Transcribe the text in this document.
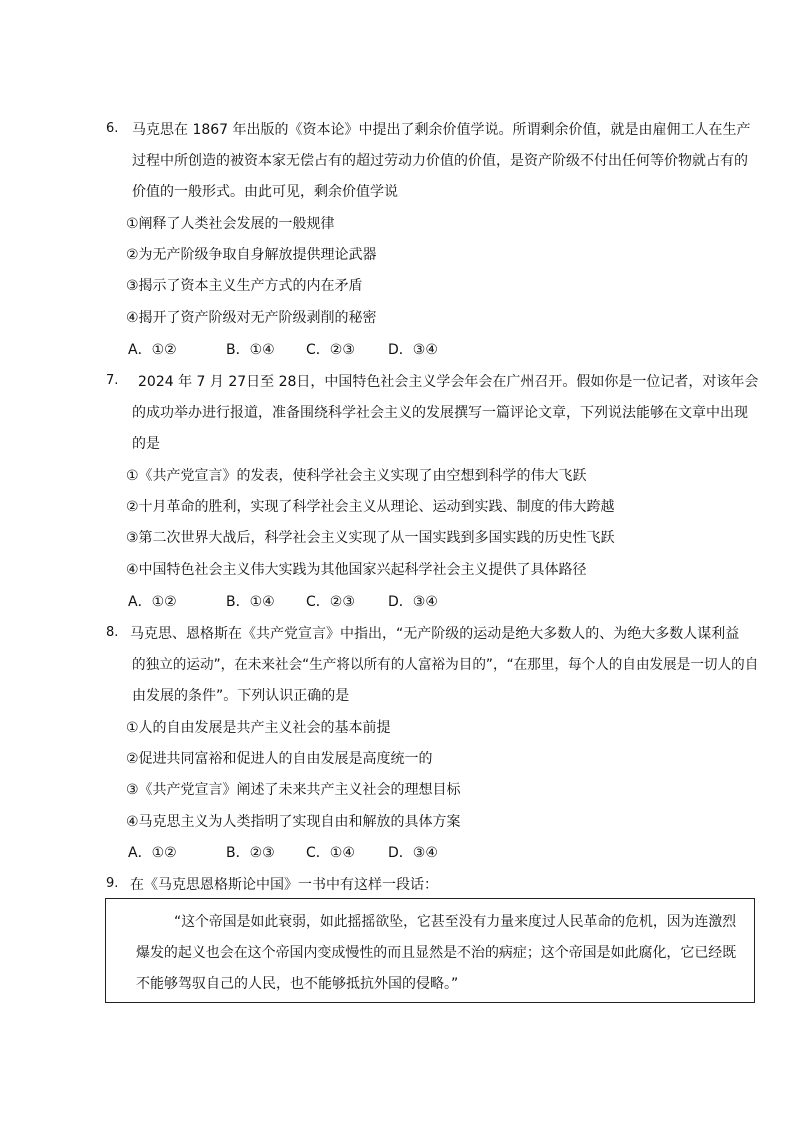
6. 马克思在 1867 年出版的《资本论》中提出了剩余价值学说。所谓剩余价值，就是由雇佣工人在生产
过程中所创造的被资本家无偿占有的超过劳动力价值的价值，是资产阶级不付出任何等价物就占有的
价值的一般形式。由此可见，剩余价值学说
①阐释了人类社会发展的一般规律
②为无产阶级争取自身解放提供理论武器
③揭示了资本主义生产方式的内在矛盾
④揭开了资产阶级对无产阶级剥削的秘密
A．①②	B．①④ C．②③ D．③④
7. 2024 年 7 月 27日至 28日，中国特色社会主义学会年会在广州召开。假如你是一位记者，对该年会
的成功举办进行报道，准备围绕科学社会主义的发展撰写一篇评论文章，下列说法能够在文章中出现
的是
①《共产党宣言》的发表，使科学社会主义实现了由空想到科学的伟大飞跃
②十月革命的胜利，实现了科学社会主义从理论、运动到实践、制度的伟大跨越
③第二次世界大战后，科学社会主义实现了从一国实践到多国实践的历史性飞跃
④中国特色社会主义伟大实践为其他国家兴起科学社会主义提供了具体路径
A．①②	B．①④ C．②③ D．③④
8. 马克思、恩格斯在《共产党宣言》中指出，“无产阶级的运动是绝大多数人的、为绝大多数人谋利益
的独立的运动”，在未来社会“生产将以所有的人富裕为目的”，“在那里，每个人的自由发展是一切人的自
由发展的条件”。下列认识正确的是
①人的自由发展是共产主义社会的基本前提
②促进共同富裕和促进人的自由发展是高度统一的
③《共产党宣言》阐述了未来共产主义社会的理想目标
④马克思主义为人类指明了实现自由和解放的具体方案
A．①②	B．②③ C．①④ D．③④
9. 在《马克思恩格斯论中国》一书中有这样一段话：
“这个帝国是如此衰弱，如此摇摇欲坠，它甚至没有力量来度过人民革命的危机，因为连激烈
爆发的起义也会在这个帝国内变成慢性的而且显然是不治的病症；这个帝国是如此腐化，它已经既
不能够驾驭自己的人民，也不能够抵抗外国的侵略。”
